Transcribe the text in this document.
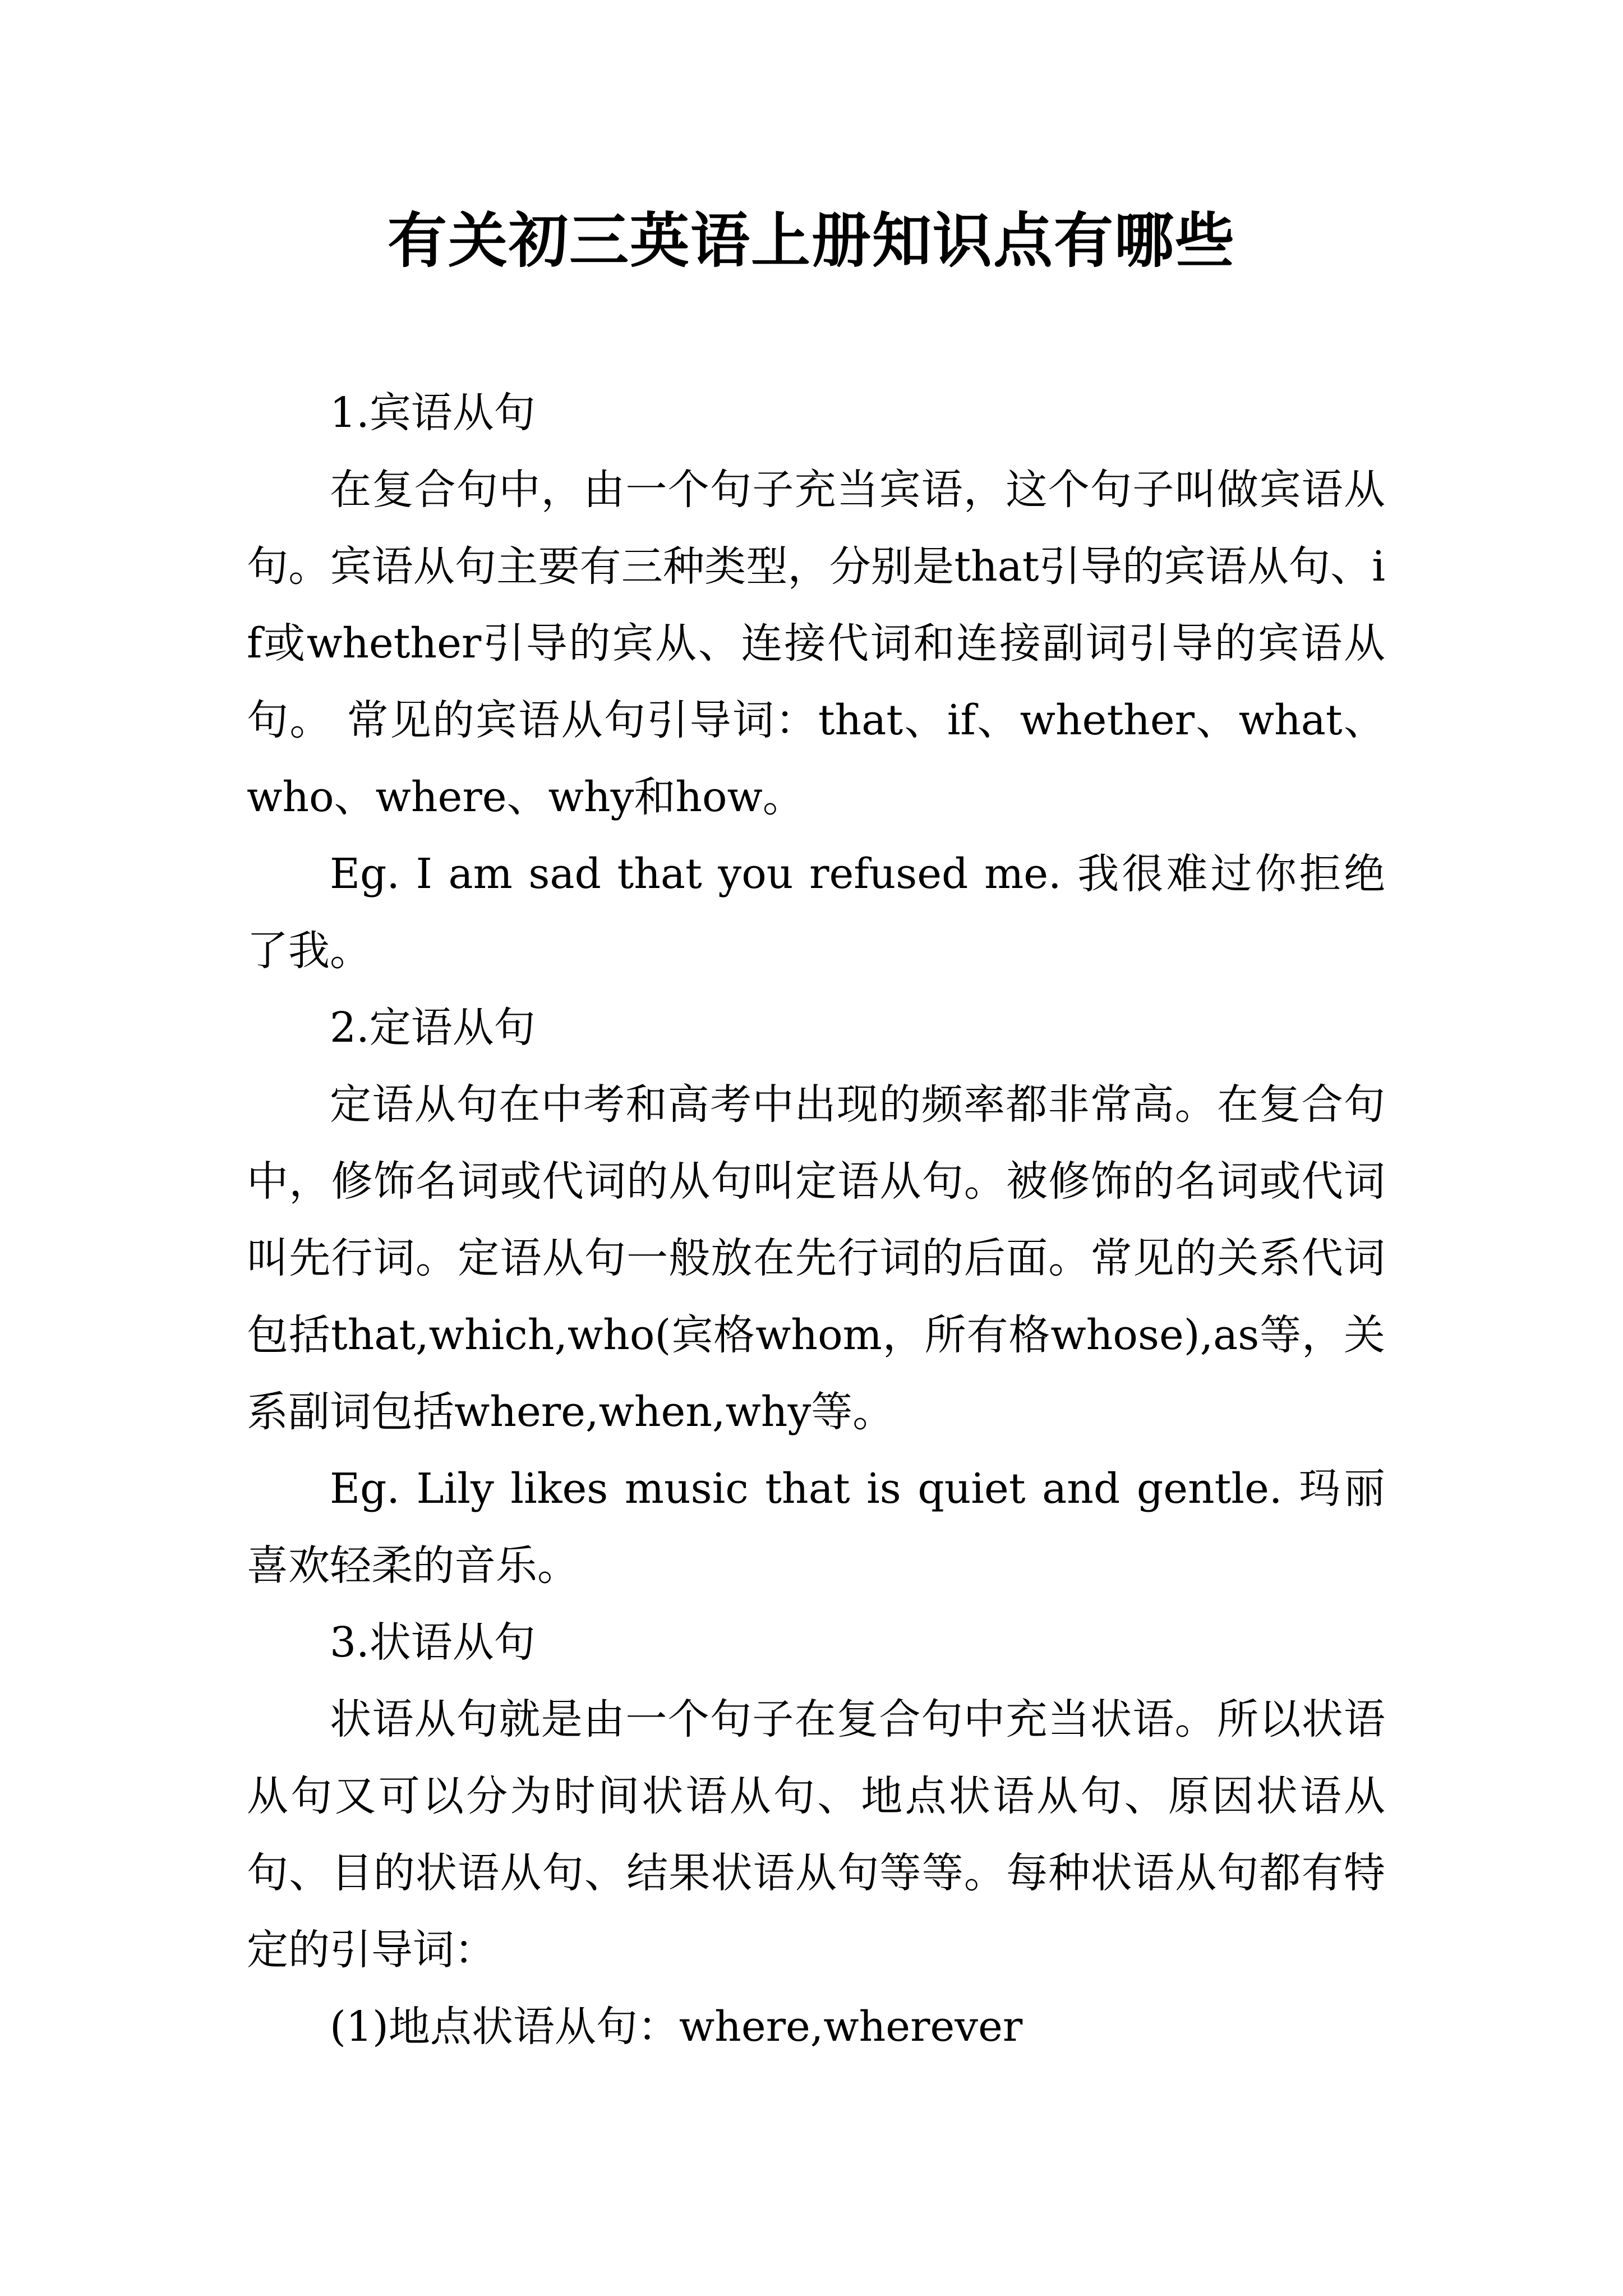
有关初三英语上册知识点有哪些

1.宾语从句

在复合句中，由一个句子充当宾语，这个句子叫做宾语从句。宾语从句主要有三种类型，分别是that引导的宾语从句、if或whether引导的宾从、连接代词和连接副词引导的宾语从句。 常见的宾语从句引导词：that、if、whether、what、who、where、why和how。

Eg. I am sad that you refused me. 我很难过你拒绝了我。

2.定语从句

定语从句在中考和高考中出现的频率都非常高。在复合句中，修饰名词或代词的从句叫定语从句。被修饰的名词或代词叫先行词。定语从句一般放在先行词的后面。常见的关系代词包括that,which,who(宾格whom，所有格whose),as等，关系副词包括where,when,why等。

Eg. Lily likes music that is quiet and gentle. 玛丽喜欢轻柔的音乐。

3.状语从句

状语从句就是由一个句子在复合句中充当状语。所以状语从句又可以分为时间状语从句、地点状语从句、原因状语从句、目的状语从句、结果状语从句等等。每种状语从句都有特定的引导词：

(1)地点状语从句：where,wherever
